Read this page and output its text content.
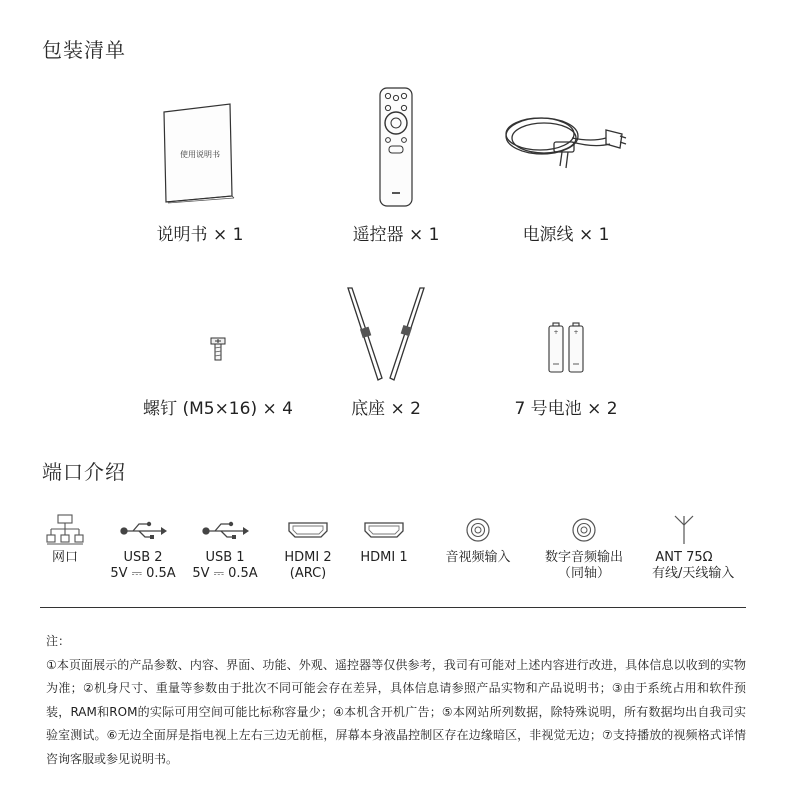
包装清单
端口介绍
使用说明书
说明书 × 1	遥控器 × 1	电源线 × 1
螺钉 (M5×16) × 4	底座 × 2
+ +
7 号电池 × 2
网口	USB 2
5V ⎓ 0.5A
USB 1
5V ⎓ 0.5A
HDMI 2
(ARC)
HDMI 1	音视频输入	数字音频输出
（同轴）
ANT 75Ω
有线/天线输入
注：
①本页面展示的产品参数、内容、界面、功能、外观、遥控器等仅供参考，我司有可能对上述内容进行改进，具体信息以收到的实物为准；②机身尺寸、重量等参数由于批次不同可能会存在差异，具体信息请参照产品实物和产品说明书；③由于系统占用和软件预装，RAM和ROM的实际可用空间可能比标称容量少；④本机含开机广告；⑤本网站所列数据，除特殊说明，所有数据均出自我司实验室测试。⑥无边全面屏是指电视上左右三边无前框，屏幕本身液晶控制区存在边缘暗区，非视觉无边；⑦支持播放的视频格式详情咨询客服或参见说明书。
